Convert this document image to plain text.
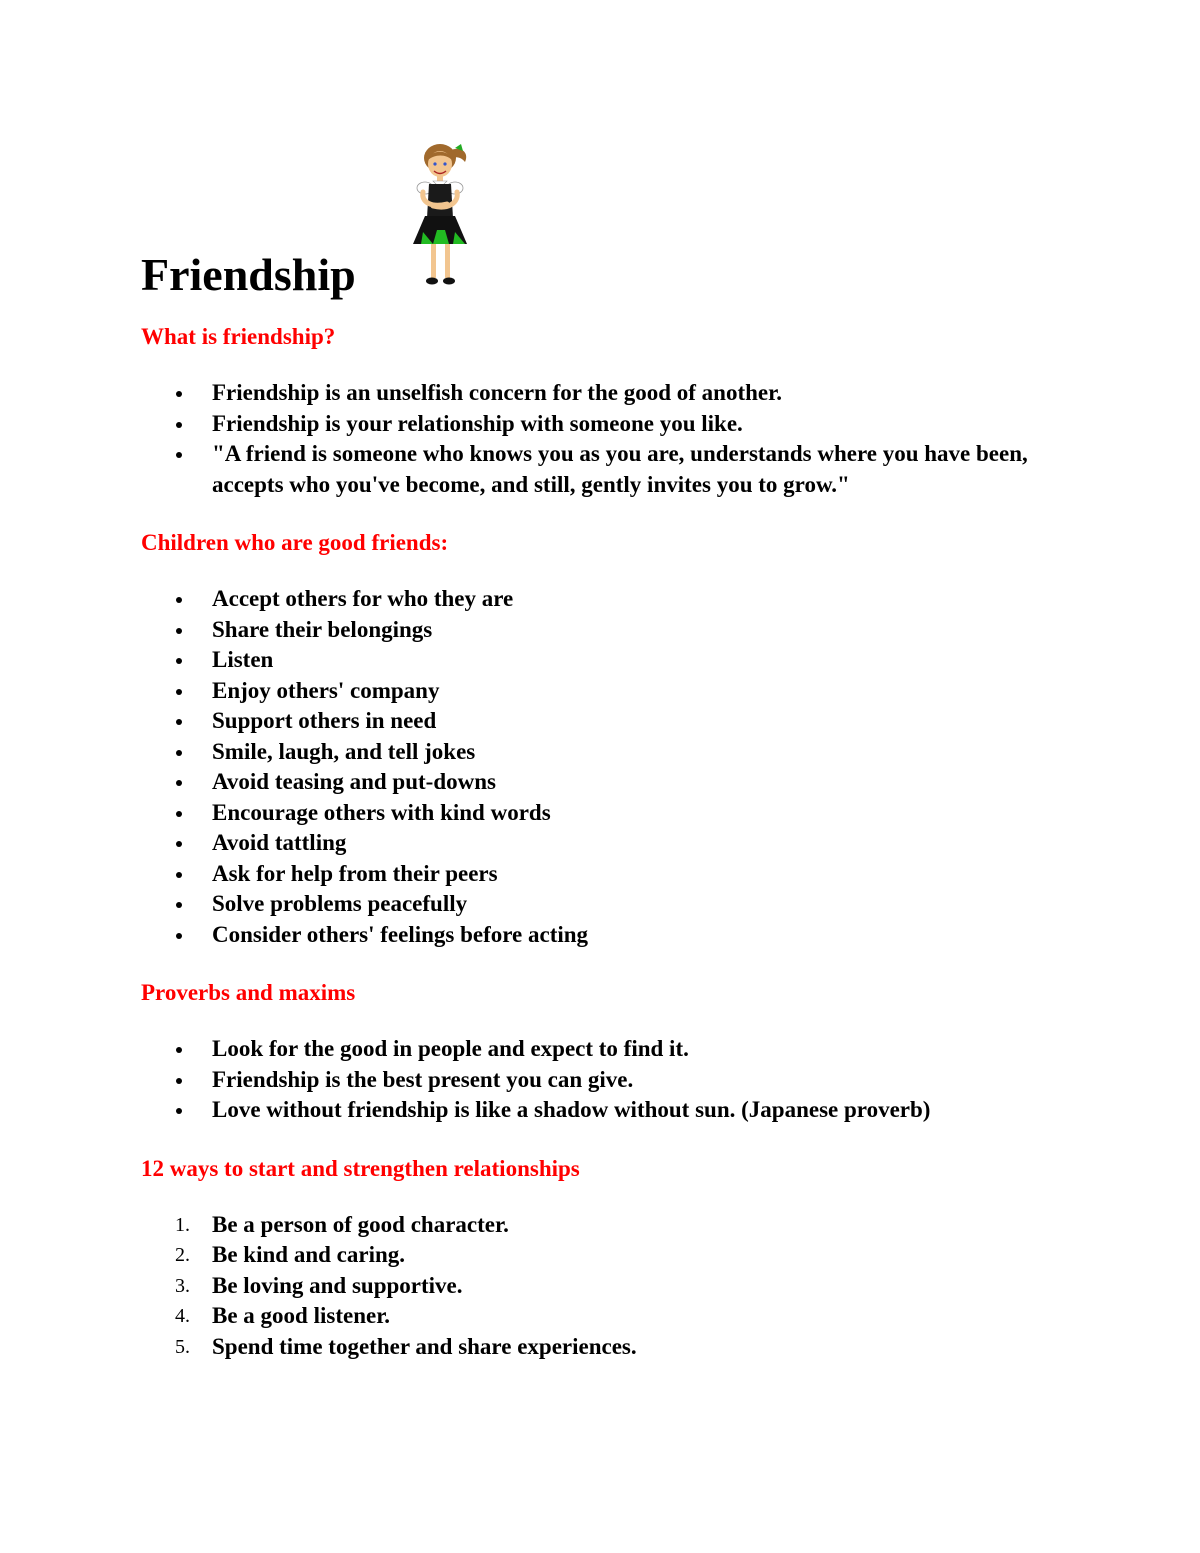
Friendship
What is friendship?
Friendship is an unselfish concern for the good of another.
Friendship is your relationship with someone you like.
"A friend is someone who knows you as you are, understands where you have been, accepts who you've become, and still, gently invites you to grow."
Children who are good friends:
Accept others for who they are
Share their belongings
Listen
Enjoy others' company
Support others in need
Smile, laugh, and tell jokes
Avoid teasing and put-downs
Encourage others with kind words
Avoid tattling
Ask for help from their peers
Solve problems peacefully
Consider others' feelings before acting
Proverbs and maxims
Look for the good in people and expect to find it.
Friendship is the best present you can give.
Love without friendship is like a shadow without sun. (Japanese proverb)
12 ways to start and strengthen relationships
1. Be a person of good character.
2. Be kind and caring.
3. Be loving and supportive.
4. Be a good listener.
5. Spend time together and share experiences.
